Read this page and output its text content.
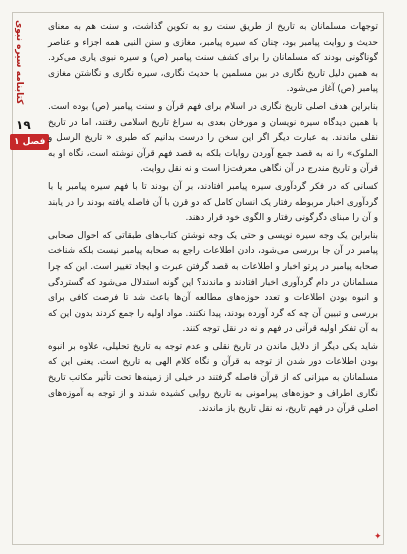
کتابنامه سیره نبوی
۱۹
فصل ۱

توجهات مسلمانان به تاریخ از طریق سنت رو به تکوین گذاشت، و سنت هم به معنای حدیث و روایت پیامبر بود، چنان که سیره پیامبر، مغازی و سنن النبی همه اجزاء و عناصر گوناگونی بودند که مسلمانان را برای کشف سنت پیامبر (ص) و سیره نبوی یاری می‌کرد. به همین دلیل تاریخ نگاری در بین مسلمین با حدیث نگاری، سیره نگاری و نگاشتن مغازی پیامبر (ص) آغاز می‌شود.

بنابراین هدف اصلی تاریخ نگاری در اسلام برای فهم قرآن و سنت پیامبر (ص) بوده است. با همین دیدگاه سیره نویسان و مورخان بعدی به سراغ تاریخ اسلامی رفتند، اما در تاریخ نقلی ماندند. به عبارت دیگر اگر این سخن را درست بدانیم که طبری « تاریخ الرسل و الملوک» را نه به قصد جمع آوردن روایات بلکه به قصد فهم قرآن نوشته است، نگاه او به قرآن و تاریخ مندرج در آن نگاهی معرفت‌زا است و نه نقل روایت.

کسانی که در فکر گردآوری سیره پیامبر افتادند، بر آن بودند تا با فهم سیره پیامبر یا با گردآوری اخبار مربوطه رفتار یک انسان کامل که دو قرن با آن فاصله یافته بودند را در یابند و آن را مبنای دگرگونی رفتار و الگوی خود قرار دهند.

بنابراین یک وجه سیره نویسی و حتی یک وجه نوشتن کتاب‌های طبقاتی که احوال صحابی پیامبر در آن جا بررسی می‌شود، دادن اطلاعات راجع به صحابه پیامبر نیست بلکه شناخت صحابه پیامبر در پرتو اخبار و اطلاعات به قصد گرفتن عبرت و ایجاد تغییر است. این که چرا مسلمانان در دام گردآوری اخبار افتادند و ماندند؟ این گونه استدلال می‌شود که گستردگی و انبوه بودن اطلاعات و تعدد حوزه‌های مطالعه آن‌ها باعث شد تا فرصت کافی برای بررسی و تبیین آن چه که گرد آورده بودند، پیدا نکنند. مواد اولیه را جمع کردند بدون این که به آن تفکر اولیه قرآنی در فهم و نه در نقل توجه کنند.

شاید یکی دیگر از دلایل ماندن در تاریخ نقلی و عدم توجه به تاریخ تحلیلی، علاوه بر انبوه بودن اطلاعات دور شدن از توجه به قرآن و نگاه کلام الهی به تاریخ است. یعنی این که مسلمانان به میزانی که از قرآن فاصله گرفتند در خیلی از زمینه‌ها تحت تأثیر مکاتب تاریخ نگاری اطراف و حوزه‌های پیرامونی به تاریخ روایی کشیده شدند و از توجه به آموزه‌های اصلی قرآن در فهم تاریخ، نه نقل تاریخ باز ماندند.

✦
